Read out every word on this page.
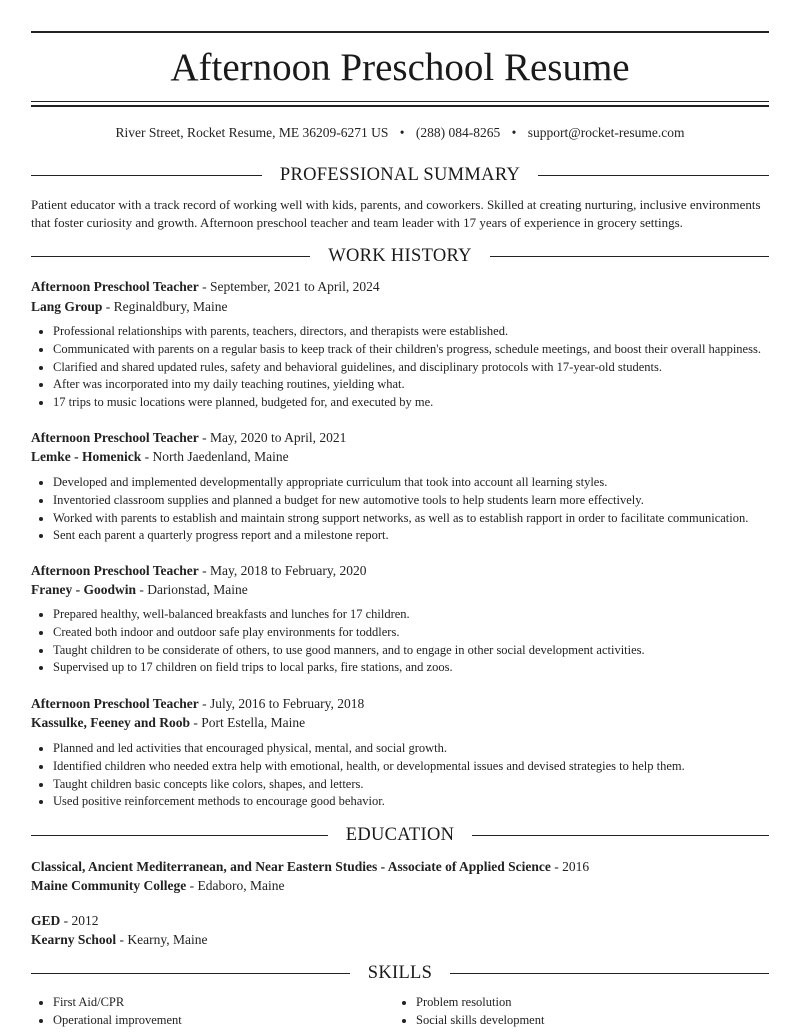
Afternoon Preschool Resume
River Street, Rocket Resume, ME 36209-6271 US • (288) 084-8265 • support@rocket-resume.com
PROFESSIONAL SUMMARY
Patient educator with a track record of working well with kids, parents, and coworkers. Skilled at creating nurturing, inclusive environments that foster curiosity and growth. Afternoon preschool teacher and team leader with 17 years of experience in grocery settings.
WORK HISTORY
Afternoon Preschool Teacher - September, 2021 to April, 2024
Lang Group - Reginaldbury, Maine
• Professional relationships with parents, teachers, directors, and therapists were established.
• Communicated with parents on a regular basis to keep track of their children's progress, schedule meetings, and boost their overall happiness.
• Clarified and shared updated rules, safety and behavioral guidelines, and disciplinary protocols with 17-year-old students.
• After was incorporated into my daily teaching routines, yielding what.
• 17 trips to music locations were planned, budgeted for, and executed by me.
Afternoon Preschool Teacher - May, 2020 to April, 2021
Lemke - Homenick - North Jaedenland, Maine
• Developed and implemented developmentally appropriate curriculum that took into account all learning styles.
• Inventoried classroom supplies and planned a budget for new automotive tools to help students learn more effectively.
• Worked with parents to establish and maintain strong support networks, as well as to establish rapport in order to facilitate communication.
• Sent each parent a quarterly progress report and a milestone report.
Afternoon Preschool Teacher - May, 2018 to February, 2020
Franey - Goodwin - Darionstad, Maine
• Prepared healthy, well-balanced breakfasts and lunches for 17 children.
• Created both indoor and outdoor safe play environments for toddlers.
• Taught children to be considerate of others, to use good manners, and to engage in other social development activities.
• Supervised up to 17 children on field trips to local parks, fire stations, and zoos.
Afternoon Preschool Teacher - July, 2016 to February, 2018
Kassulke, Feeney and Roob - Port Estella, Maine
• Planned and led activities that encouraged physical, mental, and social growth.
• Identified children who needed extra help with emotional, health, or developmental issues and devised strategies to help them.
• Taught children basic concepts like colors, shapes, and letters.
• Used positive reinforcement methods to encourage good behavior.
EDUCATION
Classical, Ancient Mediterranean, and Near Eastern Studies - Associate of Applied Science - 2016
Maine Community College - Edaboro, Maine
GED - 2012
Kearny School - Kearny, Maine
SKILLS
• First Aid/CPR
• Operational improvement
• Problem resolution
• Social skills development
